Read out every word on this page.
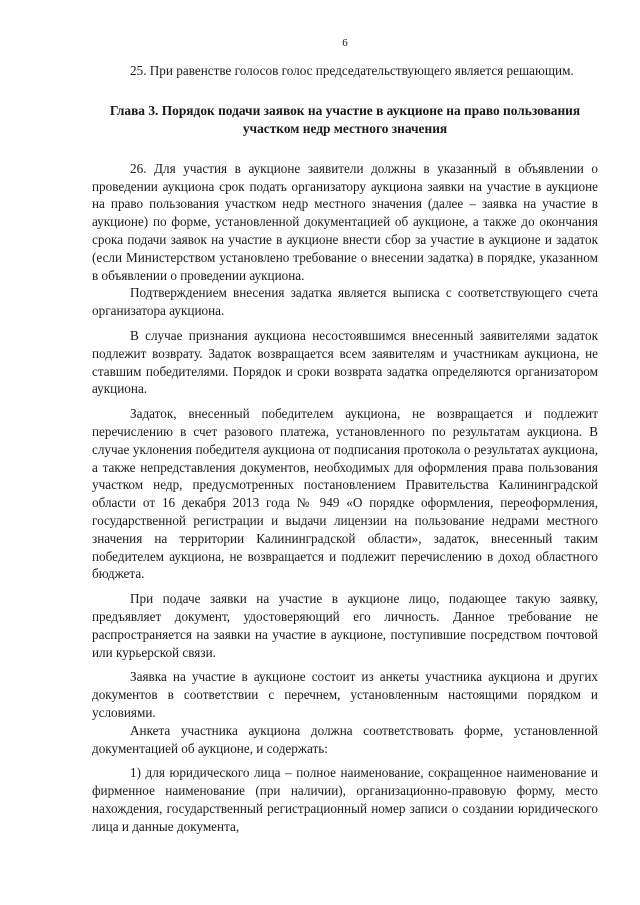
6

25. При равенстве голосов голос председательствующего является решающим.

Глава 3. Порядок подачи заявок на участие в аукционе на право пользования участком недр местного значения

26. Для участия в аукционе заявители должны в указанный в объявлении о проведении аукциона срок подать организатору аукциона заявки на участие в аукционе на право пользования участком недр местного значения (далее – заявка на участие в аукционе) по форме, установленной документацией об аукционе, а также до окончания срока подачи заявок на участие в аукционе внести сбор за участие в аукционе и задаток (если Министерством установлено требование о внесении задатка) в порядке, указанном в объявлении о проведении аукциона.

Подтверждением внесения задатка является выписка с соответствующего счета организатора аукциона.

В случае признания аукциона несостоявшимся внесенный заявителями задаток подлежит возврату. Задаток возвращается всем заявителям и участникам аукциона, не ставшим победителями. Порядок и сроки возврата задатка определяются организатором аукциона.

Задаток, внесенный победителем аукциона, не возвращается и подлежит перечислению в счет разового платежа, установленного по результатам аукциона. В случае уклонения победителя аукциона от подписания протокола о результатах аукциона, а также непредставления документов, необходимых для оформления права пользования участком недр, предусмотренных постановлением Правительства Калининградской области от 16 декабря 2013 года № 949 «О порядке оформления, переоформления, государственной регистрации и выдачи лицензии на пользование недрами местного значения на территории Калининградской области», задаток, внесенный таким победителем аукциона, не возвращается и подлежит перечислению в доход областного бюджета.

При подаче заявки на участие в аукционе лицо, подающее такую заявку, предъявляет документ, удостоверяющий его личность. Данное требование не распространяется на заявки на участие в аукционе, поступившие посредством почтовой или курьерской связи.

Заявка на участие в аукционе состоит из анкеты участника аукциона и других документов в соответствии с перечнем, установленным настоящими порядком и условиями.

Анкета участника аукциона должна соответствовать форме, установленной документацией об аукционе, и содержать:

1) для юридического лица – полное наименование, сокращенное наименование и фирменное наименование (при наличии), организационно-правовую форму, место нахождения, государственный регистрационный номер записи о создании юридического лица и данные документа,
